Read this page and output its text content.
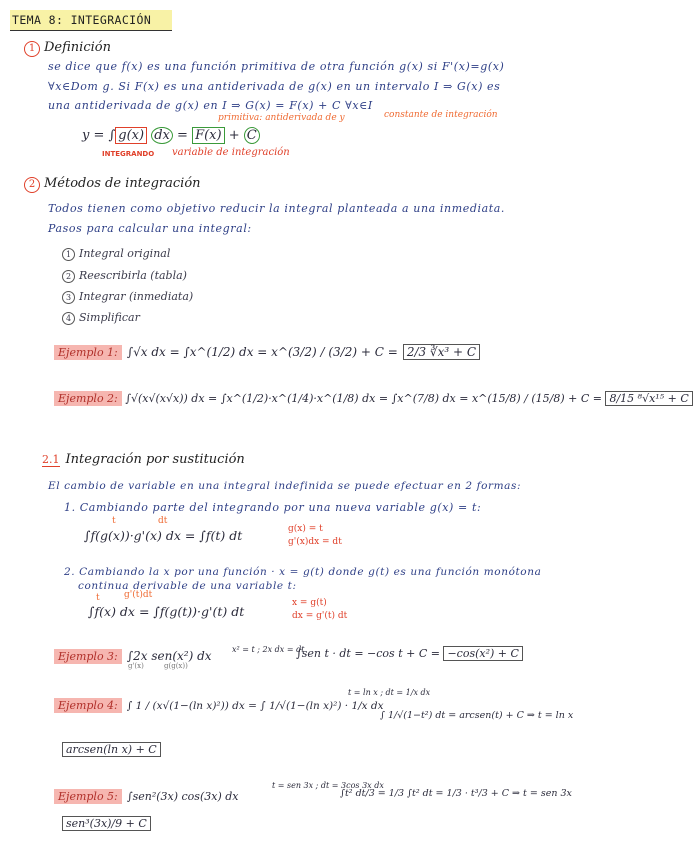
TEMA 8: INTEGRACIÓN
1 Definición
se dice que f(x) es una función primitiva de otra función g(x) si F'(x)=g(x)
∀x∈Dom g. Si F(x) es una antiderivada de g(x) en un intervalo I ⇒ G(x) es
una antiderivada de g(x) en I ⇒ G(x) = F(x) + C ∀x∈I
primitiva: antiderivada de y	constante de integración
y = ∫ g(x) dx = F(x) + C
INTEGRANDO variable de integración
2 Métodos de integración
Todos tienen como objetivo reducir la integral planteada a una inmediata.
Pasos para calcular una integral:
1 Integral original
2 Reescribirla (tabla)
3 Integrar (inmediata)
4 Simplificar
Ejemplo 1: ∫√x dx = ∫x^(1/2) dx = x^(3/2) / (3/2) + C = 2/3 ∛x³ + C
Ejemplo 2: ∫√(x√(x√x)) dx = ∫x^(1/2)·x^(1/4)·x^(1/8) dx = ∫x^(7/8) dx = x^(15/8) / (15/8) + C = 8/15 ⁸√x¹⁵ + C
2.1 Integración por sustitución
El cambio de variable en una integral indefinida se puede efectuar en 2 formas:
1. Cambiando parte del integrando por una nueva variable g(x) = t:
t	dt
∫f(g(x))·g'(x) dx = ∫f(t) dt	g(x) = t
g'(x)dx = dt
2. Cambiando la x por una función · x = g(t) donde g(t) es una función monótona
continua derivable de una variable t:
t	g'(t)dt
∫f(x) dx = ∫f(g(t))·g'(t) dt
x = g(t)
dx = g'(t) dt
Ejemplo 3: ∫2x sen(x²) dx
g'(x)	g(g(x))
x² = t ; 2x dx = dt
∫sen t · dt = −cos t + C = −cos(x²) + C
Ejemplo 4: ∫ 1 / (x√(1−(ln x)²)) dx = ∫ 1/√(1−(ln x)²) · 1/x dx
t = ln x ; dt = 1/x dx
∫ 1/√(1−t²) dt = arcsen(t) + C ⇒ t = ln x
arcsen(ln x) + C
Ejemplo 5: ∫sen²(3x) cos(3x) dx
t = sen 3x ; dt = 3cos 3x dx
∫t² dt/3 = 1/3 ∫t² dt = 1/3 · t³/3 + C ⇒ t = sen 3x
sen³(3x)/9 + C
